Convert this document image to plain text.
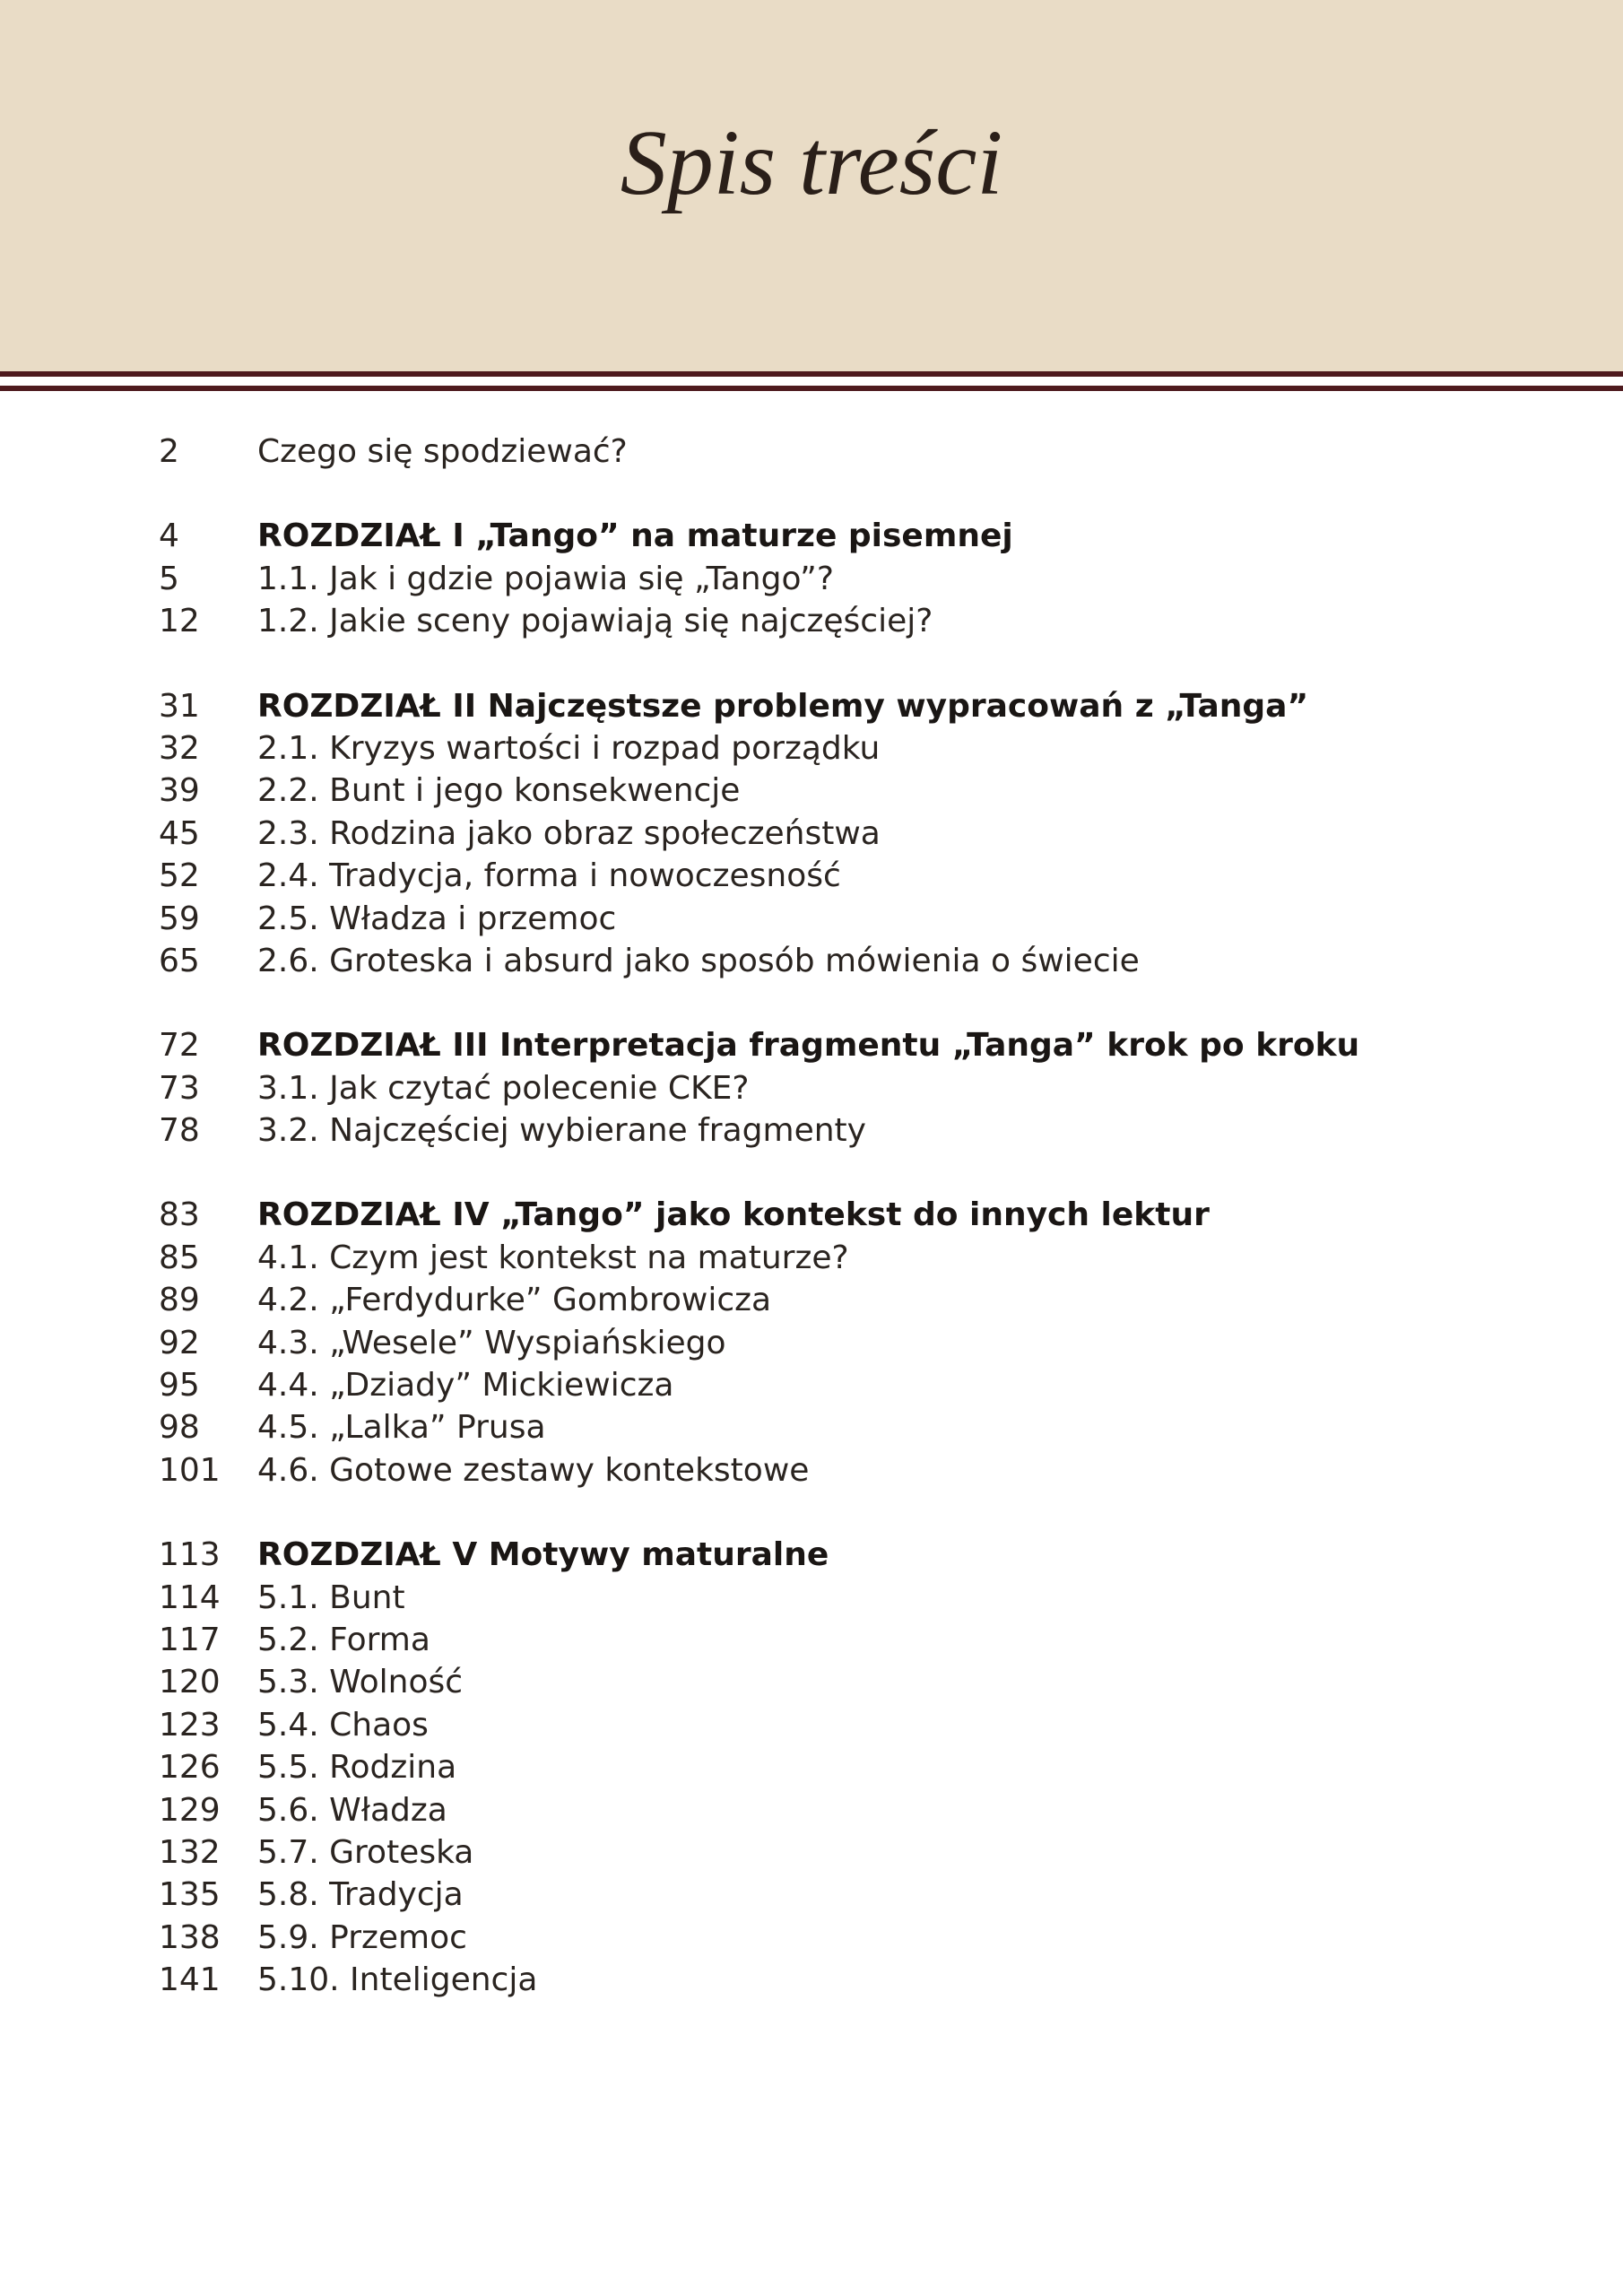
Spis treści
2 Czego się spodziewać?
4 ROZDZIAŁ I „Tango” na maturze pisemnej
5 1.1. Jak i gdzie pojawia się „Tango”?
12 1.2. Jakie sceny pojawiają się najczęściej?
31 ROZDZIAŁ II Najczęstsze problemy wypracowań z „Tanga”
32 2.1. Kryzys wartości i rozpad porządku
39 2.2. Bunt i jego konsekwencje
45 2.3. Rodzina jako obraz społeczeństwa
52 2.4. Tradycja, forma i nowoczesność
59 2.5. Władza i przemoc
65 2.6. Groteska i absurd jako sposób mówienia o świecie
72 ROZDZIAŁ III Interpretacja fragmentu „Tanga” krok po kroku
73 3.1. Jak czytać polecenie CKE?
78 3.2. Najczęściej wybierane fragmenty
83 ROZDZIAŁ IV „Tango” jako kontekst do innych lektur
85 4.1. Czym jest kontekst na maturze?
89 4.2. „Ferdydurke” Gombrowicza
92 4.3. „Wesele” Wyspiańskiego
95 4.4. „Dziady” Mickiewicza
98 4.5. „Lalka” Prusa
101 4.6. Gotowe zestawy kontekstowe
113 ROZDZIAŁ V Motywy maturalne
114 5.1. Bunt
117 5.2. Forma
120 5.3. Wolność
123 5.4. Chaos
126 5.5. Rodzina
129 5.6. Władza
132 5.7. Groteska
135 5.8. Tradycja
138 5.9. Przemoc
141 5.10. Inteligencja
